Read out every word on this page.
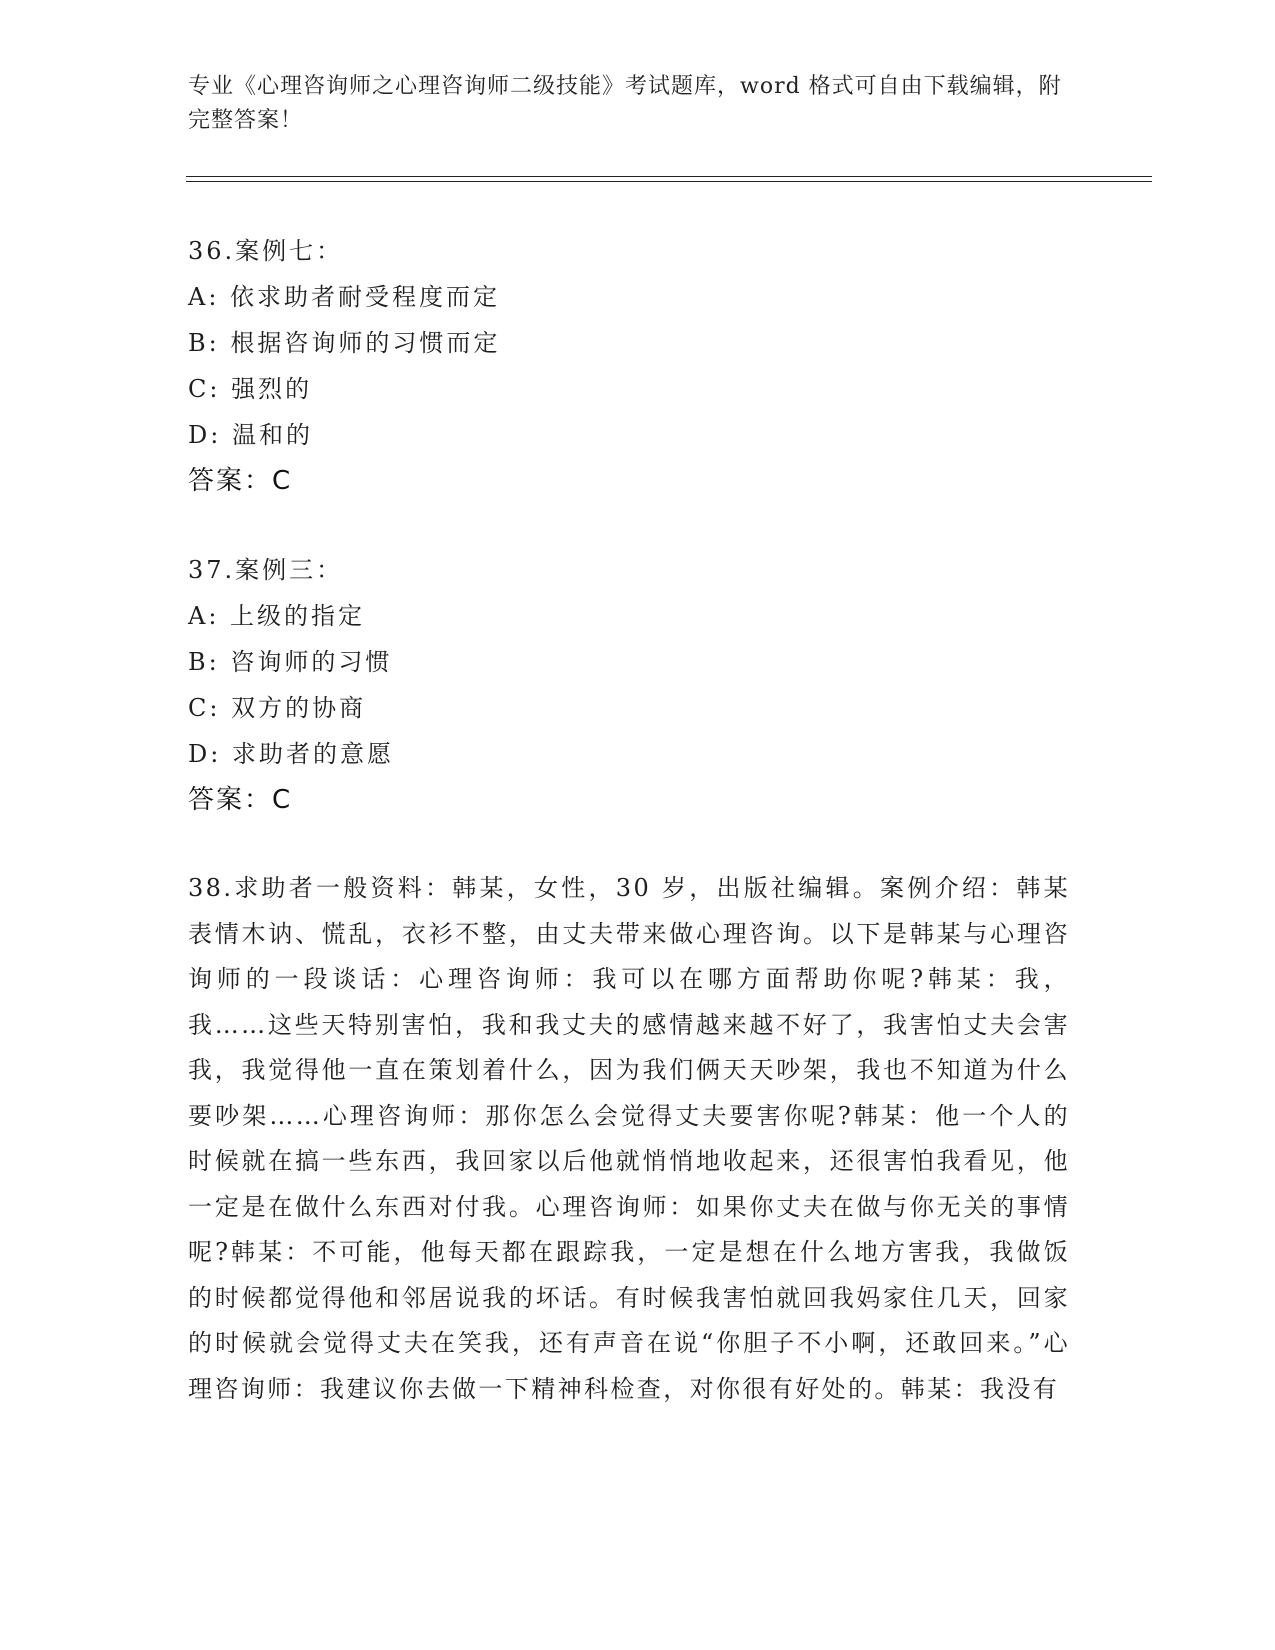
专业《心理咨询师之心理咨询师二级技能》考试题库，word 格式可自由下载编辑，附完整答案！
36.案例七：
A: 依求助者耐受程度而定
B: 根据咨询师的习惯而定
C: 强烈的
D: 温和的
答案：C
37.案例三：
A: 上级的指定
B: 咨询师的习惯
C: 双方的协商
D: 求助者的意愿
答案：C
38.求助者一般资料：韩某，女性，30 岁，出版社编辑。案例介绍：韩某表情木讷、慌乱，衣衫不整，由丈夫带来做心理咨询。以下是韩某与心理咨询师的一段谈话：心理咨询师：我可以在哪方面帮助你呢?韩某：我，我……这些天特别害怕，我和我丈夫的感情越来越不好了，我害怕丈夫会害我，我觉得他一直在策划着什么，因为我们俩天天吵架，我也不知道为什么要吵架……心理咨询师：那你怎么会觉得丈夫要害你呢?韩某：他一个人的时候就在搞一些东西，我回家以后他就悄悄地收起来，还很害怕我看见，他一定是在做什么东西对付我。心理咨询师：如果你丈夫在做与你无关的事情呢?韩某：不可能，他每天都在跟踪我，一定是想在什么地方害我，我做饭的时候都觉得他和邻居说我的坏话。有时候我害怕就回我妈家住几天，回家的时候就会觉得丈夫在笑我，还有声音在说“你胆子不小啊，还敢回来。”心理咨询师：我建议你去做一下精神科检查，对你很有好处的。韩某：我没有
